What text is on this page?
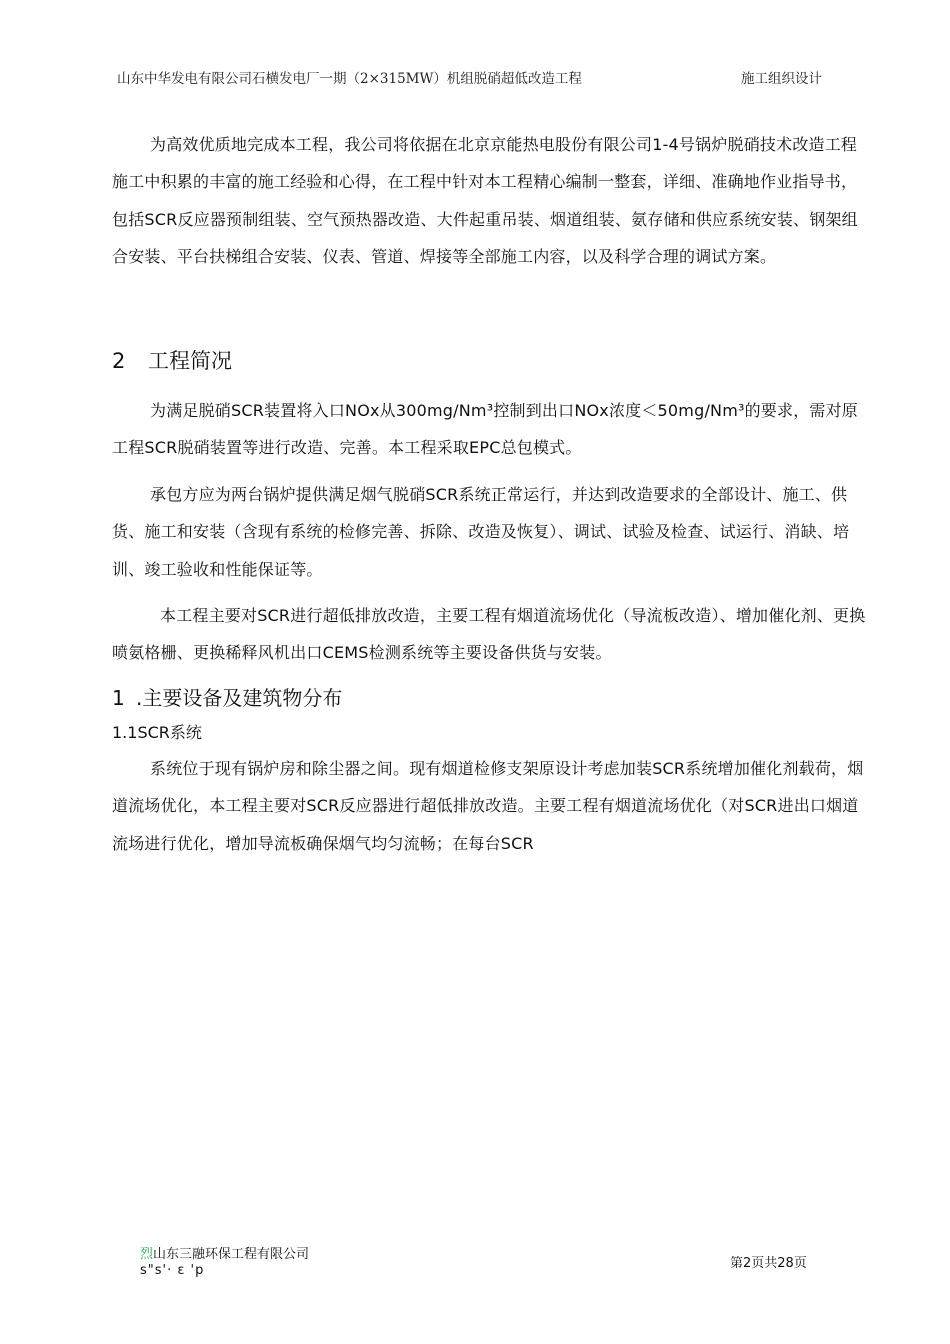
山东中华发电有限公司石横发电厂一期（2×315MW）机组脱硝超低改造工程	施工组织设计

为高效优质地完成本工程，我公司将依据在北京京能热电股份有限公司1-4号锅炉脱硝技术改造工程施工中积累的丰富的施工经验和心得，在工程中针对本工程精心编制一整套，详细、准确地作业指导书，包括SCR反应器预制组装、空气预热器改造、大件起重吊装、烟道组装、氨存储和供应系统安装、钢架组合安装、平台扶梯组合安装、仪表、管道、焊接等全部施工内容，以及科学合理的调试方案。

2 工程简况

为满足脱硝SCR装置将入口NOx从300mg/Nm³控制到出口NOx浓度＜50mg/Nm³的要求，需对原工程SCR脱硝装置等进行改造、完善。本工程采取EPC总包模式。

承包方应为两台锅炉提供满足烟气脱硝SCR系统正常运行，并达到改造要求的全部设计、施工、供货、施工和安装（含现有系统的检修完善、拆除、改造及恢复）、调试、试验及检查、试运行、消缺、培训、竣工验收和性能保证等。

本工程主要对SCR进行超低排放改造，主要工程有烟道流场优化（导流板改造）、增加催化剂、更换喷氨格栅、更换稀释风机出口CEMS检测系统等主要设备供货与安装。

1 .主要设备及建筑物分布
1.1SCR系统

系统位于现有锅炉房和除尘器之间。现有烟道检修支架原设计考虑加装SCR系统增加催化剂载荷，烟道流场优化，本工程主要对SCR反应器进行超低排放改造。主要工程有烟道流场优化（对SCR进出口烟道流场进行优化，增加导流板确保烟气均匀流畅；在每台SCR

烈山东三融环保工程有限公司
s"s'· ε 'p	第2页共28页
